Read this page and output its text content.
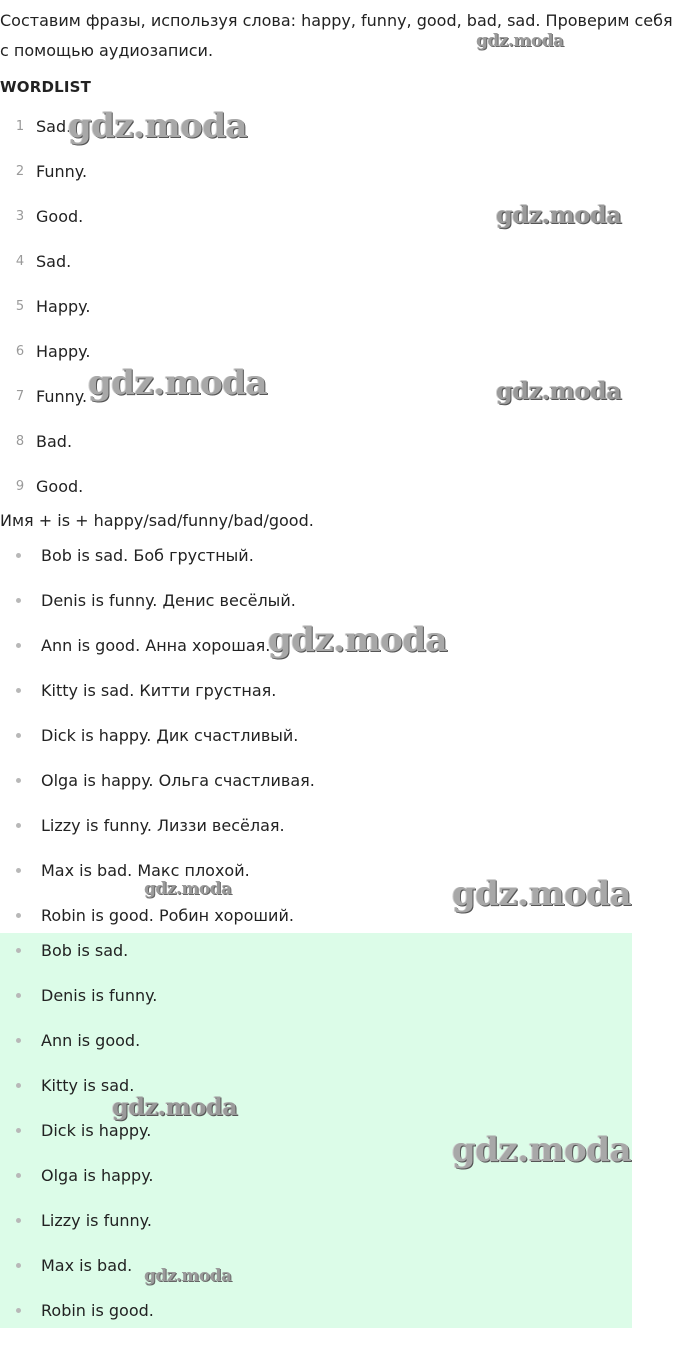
Составим фразы, используя слова: happy, funny, good, bad, sad. Проверим себя
с помощью аудиозаписи.

WORDLIST
1 Sad.
2 Funny.
3 Good.
4 Sad.
5 Happy.
6 Happy.
7 Funny.
8 Bad.
9 Good.

Имя + is + happy/sad/funny/bad/good.

Bob is sad. Боб грустный.
Denis is funny. Денис весёлый.
Ann is good. Анна хорошая.
Kitty is sad. Китти грустная.
Dick is happy. Дик счастливый.
Olga is happy. Ольга счастливая.
Lizzy is funny. Лиззи весёлая.
Max is bad. Макс плохой.
Robin is good. Робин хороший.
Bob is sad.
Denis is funny.
Ann is good.
Kitty is sad.
Dick is happy.
Olga is happy.
Lizzy is funny.
Max is bad.
Robin is good.
gdz.moda
gdz.moda
gdz.moda
gdz.moda	gdz.moda
gdz.moda
gdz.moda	gdz.moda
gdz.moda
gdz.moda
gdz.moda
